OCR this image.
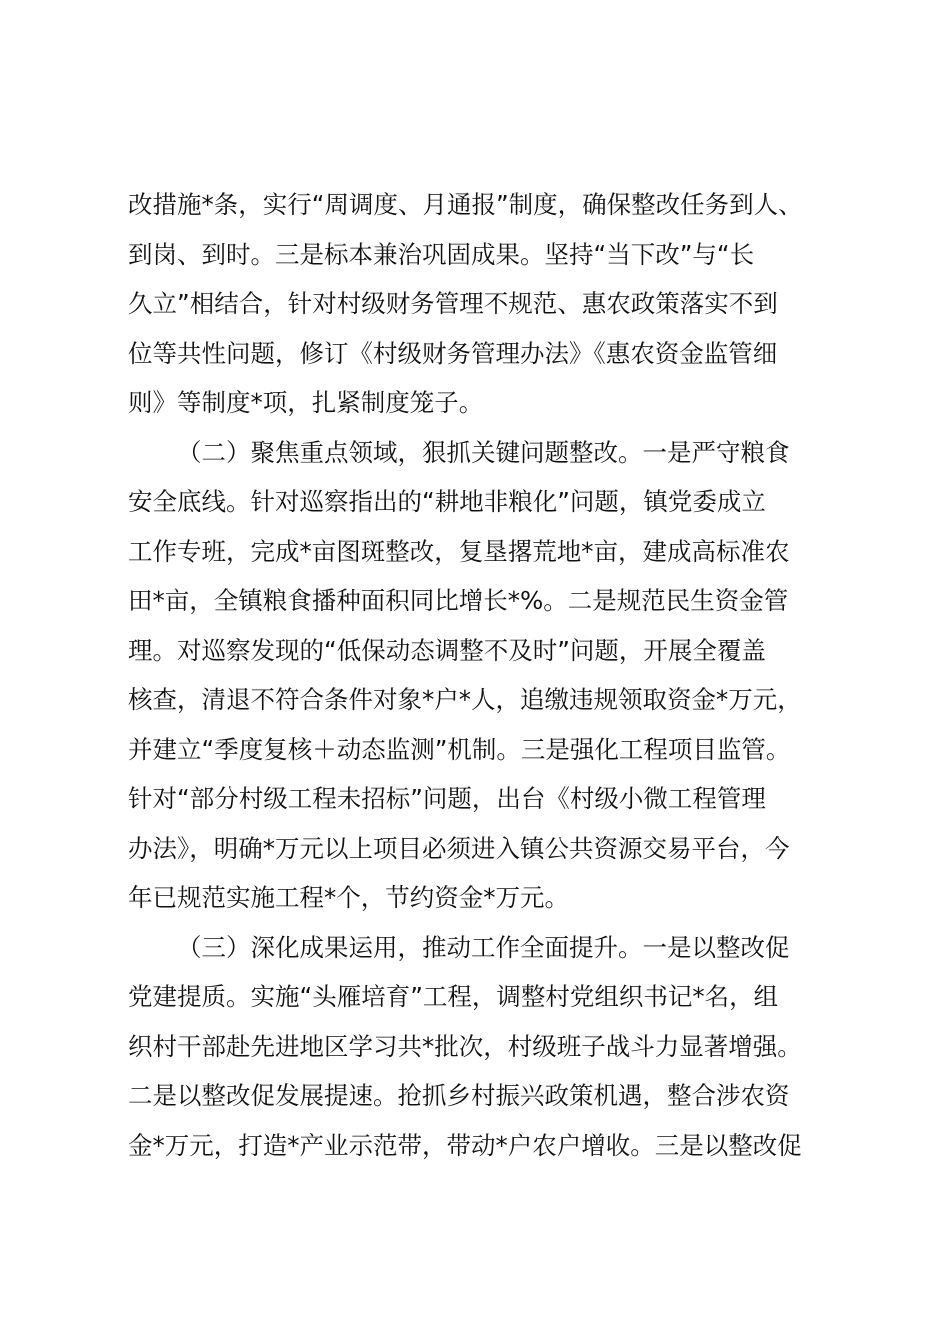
改措施*条，实行“周调度、月通报”制度，确保整改任务到人、
到岗、到时。三是标本兼治巩固成果。坚持“当下改”与“长
久立”相结合，针对村级财务管理不规范、惠农政策落实不到
位等共性问题，修订《村级财务管理办法》《惠农资金监管细
则》等制度*项，扎紧制度笼子。
（二）聚焦重点领域，狠抓关键问题整改。一是严守粮食
安全底线。针对巡察指出的“耕地非粮化”问题，镇党委成立
工作专班，完成*亩图斑整改，复垦撂荒地*亩，建成高标准农
田*亩，全镇粮食播种面积同比增长*%。二是规范民生资金管
理。对巡察发现的“低保动态调整不及时”问题，开展全覆盖
核查，清退不符合条件对象*户*人，追缴违规领取资金*万元，
并建立“季度复核＋动态监测”机制。三是强化工程项目监管。
针对“部分村级工程未招标”问题，出台《村级小微工程管理
办法》，明确*万元以上项目必须进入镇公共资源交易平台，今
年已规范实施工程*个，节约资金*万元。
（三）深化成果运用，推动工作全面提升。一是以整改促
党建提质。实施“头雁培育”工程，调整村党组织书记*名，组
织村干部赴先进地区学习共*批次，村级班子战斗力显著增强。
二是以整改促发展提速。抢抓乡村振兴政策机遇，整合涉农资
金*万元，打造*产业示范带，带动*户农户增收。三是以整改促
